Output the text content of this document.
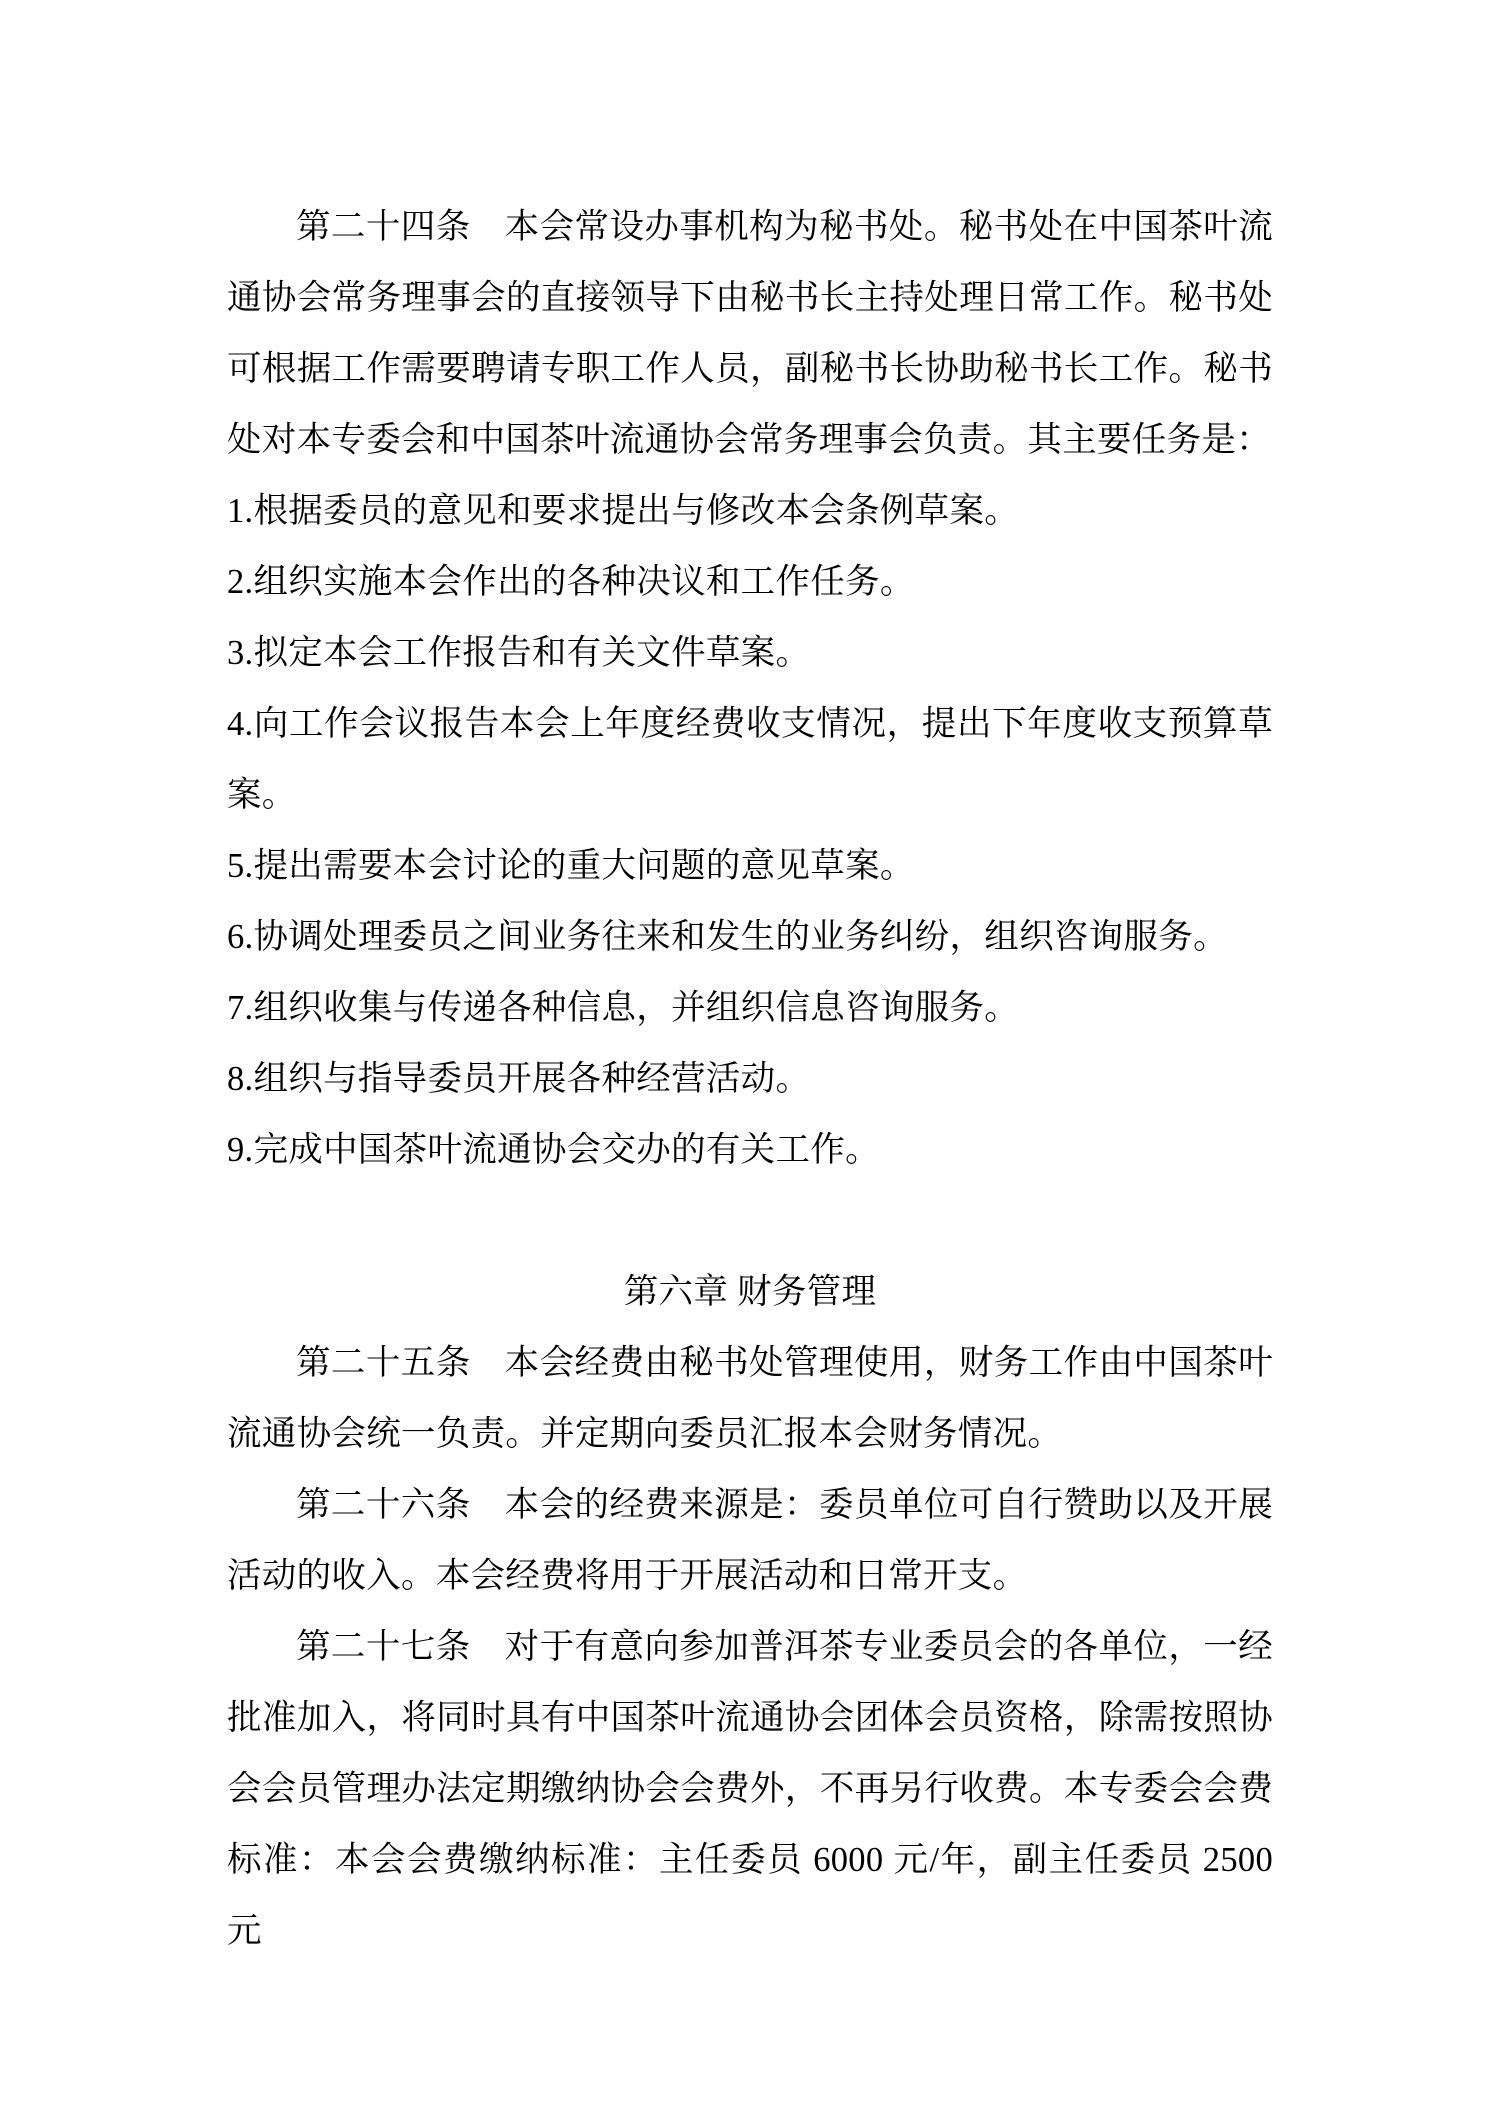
第二十四条 本会常设办事机构为秘书处。秘书处在中国茶叶流通协会常务理事会的直接领导下由秘书长主持处理日常工作。秘书处可根据工作需要聘请专职工作人员，副秘书长协助秘书长工作。秘书处对本专委会和中国茶叶流通协会常务理事会负责。其主要任务是：

1.根据委员的意见和要求提出与修改本会条例草案。

2.组织实施本会作出的各种决议和工作任务。

3.拟定本会工作报告和有关文件草案。

4.向工作会议报告本会上年度经费收支情况，提出下年度收支预算草案。

5.提出需要本会讨论的重大问题的意见草案。

6.协调处理委员之间业务往来和发生的业务纠纷，组织咨询服务。

7.组织收集与传递各种信息，并组织信息咨询服务。

8.组织与指导委员开展各种经营活动。

9.完成中国茶叶流通协会交办的有关工作。

第六章 财务管理

第二十五条 本会经费由秘书处管理使用，财务工作由中国茶叶流通协会统一负责。并定期向委员汇报本会财务情况。

第二十六条 本会的经费来源是：委员单位可自行赞助以及开展活动的收入。本会经费将用于开展活动和日常开支。

第二十七条 对于有意向参加普洱茶专业委员会的各单位，一经批准加入，将同时具有中国茶叶流通协会团体会员资格，除需按照协会会员管理办法定期缴纳协会会费外，不再另行收费。本专委会会费标准：本会会费缴纳标准：主任委员 6000 元/年，副主任委员 2500 元
